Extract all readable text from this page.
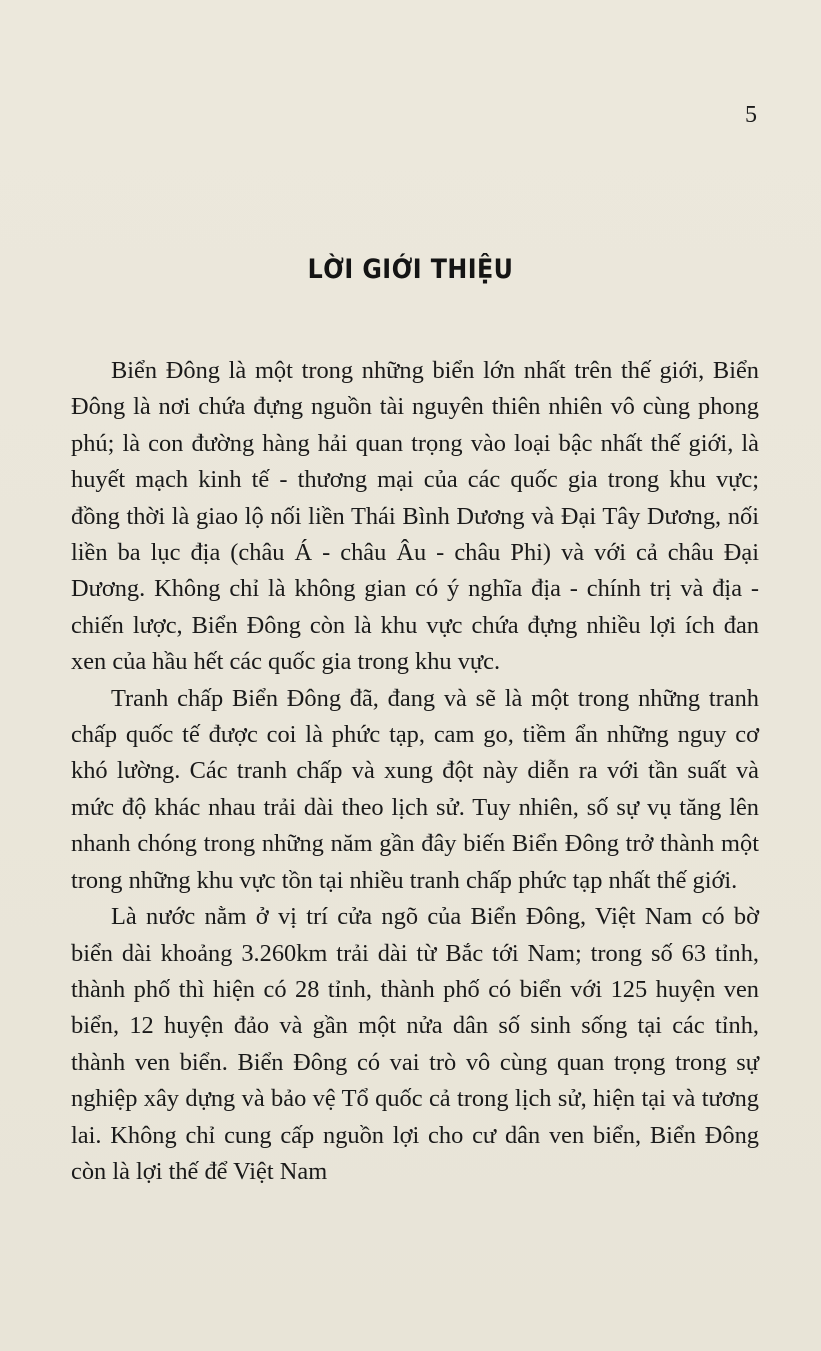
5
LỜI GIỚI THIỆU

Biển Đông là một trong những biển lớn nhất trên thế giới, Biển Đông là nơi chứa đựng nguồn tài nguyên thiên nhiên vô cùng phong phú; là con đường hàng hải quan trọng vào loại bậc nhất thế giới, là huyết mạch kinh tế - thương mại của các quốc gia trong khu vực; đồng thời là giao lộ nối liền Thái Bình Dương và Đại Tây Dương, nối liền ba lục địa (châu Á - châu Âu - châu Phi) và với cả châu Đại Dương. Không chỉ là không gian có ý nghĩa địa - chính trị và địa - chiến lược, Biển Đông còn là khu vực chứa đựng nhiều lợi ích đan xen của hầu hết các quốc gia trong khu vực.

Tranh chấp Biển Đông đã, đang và sẽ là một trong những tranh chấp quốc tế được coi là phức tạp, cam go, tiềm ẩn những nguy cơ khó lường. Các tranh chấp và xung đột này diễn ra với tần suất và mức độ khác nhau trải dài theo lịch sử. Tuy nhiên, số sự vụ tăng lên nhanh chóng trong những năm gần đây biến Biển Đông trở thành một trong những khu vực tồn tại nhiều tranh chấp phức tạp nhất thế giới.

Là nước nằm ở vị trí cửa ngõ của Biển Đông, Việt Nam có bờ biển dài khoảng 3.260km trải dài từ Bắc tới Nam; trong số 63 tỉnh, thành phố thì hiện có 28 tỉnh, thành phố có biển với 125 huyện ven biển, 12 huyện đảo và gần một nửa dân số sinh sống tại các tỉnh, thành ven biển. Biển Đông có vai trò vô cùng quan trọng trong sự nghiệp xây dựng và bảo vệ Tổ quốc cả trong lịch sử, hiện tại và tương lai. Không chỉ cung cấp nguồn lợi cho cư dân ven biển, Biển Đông còn là lợi thế để Việt Nam
